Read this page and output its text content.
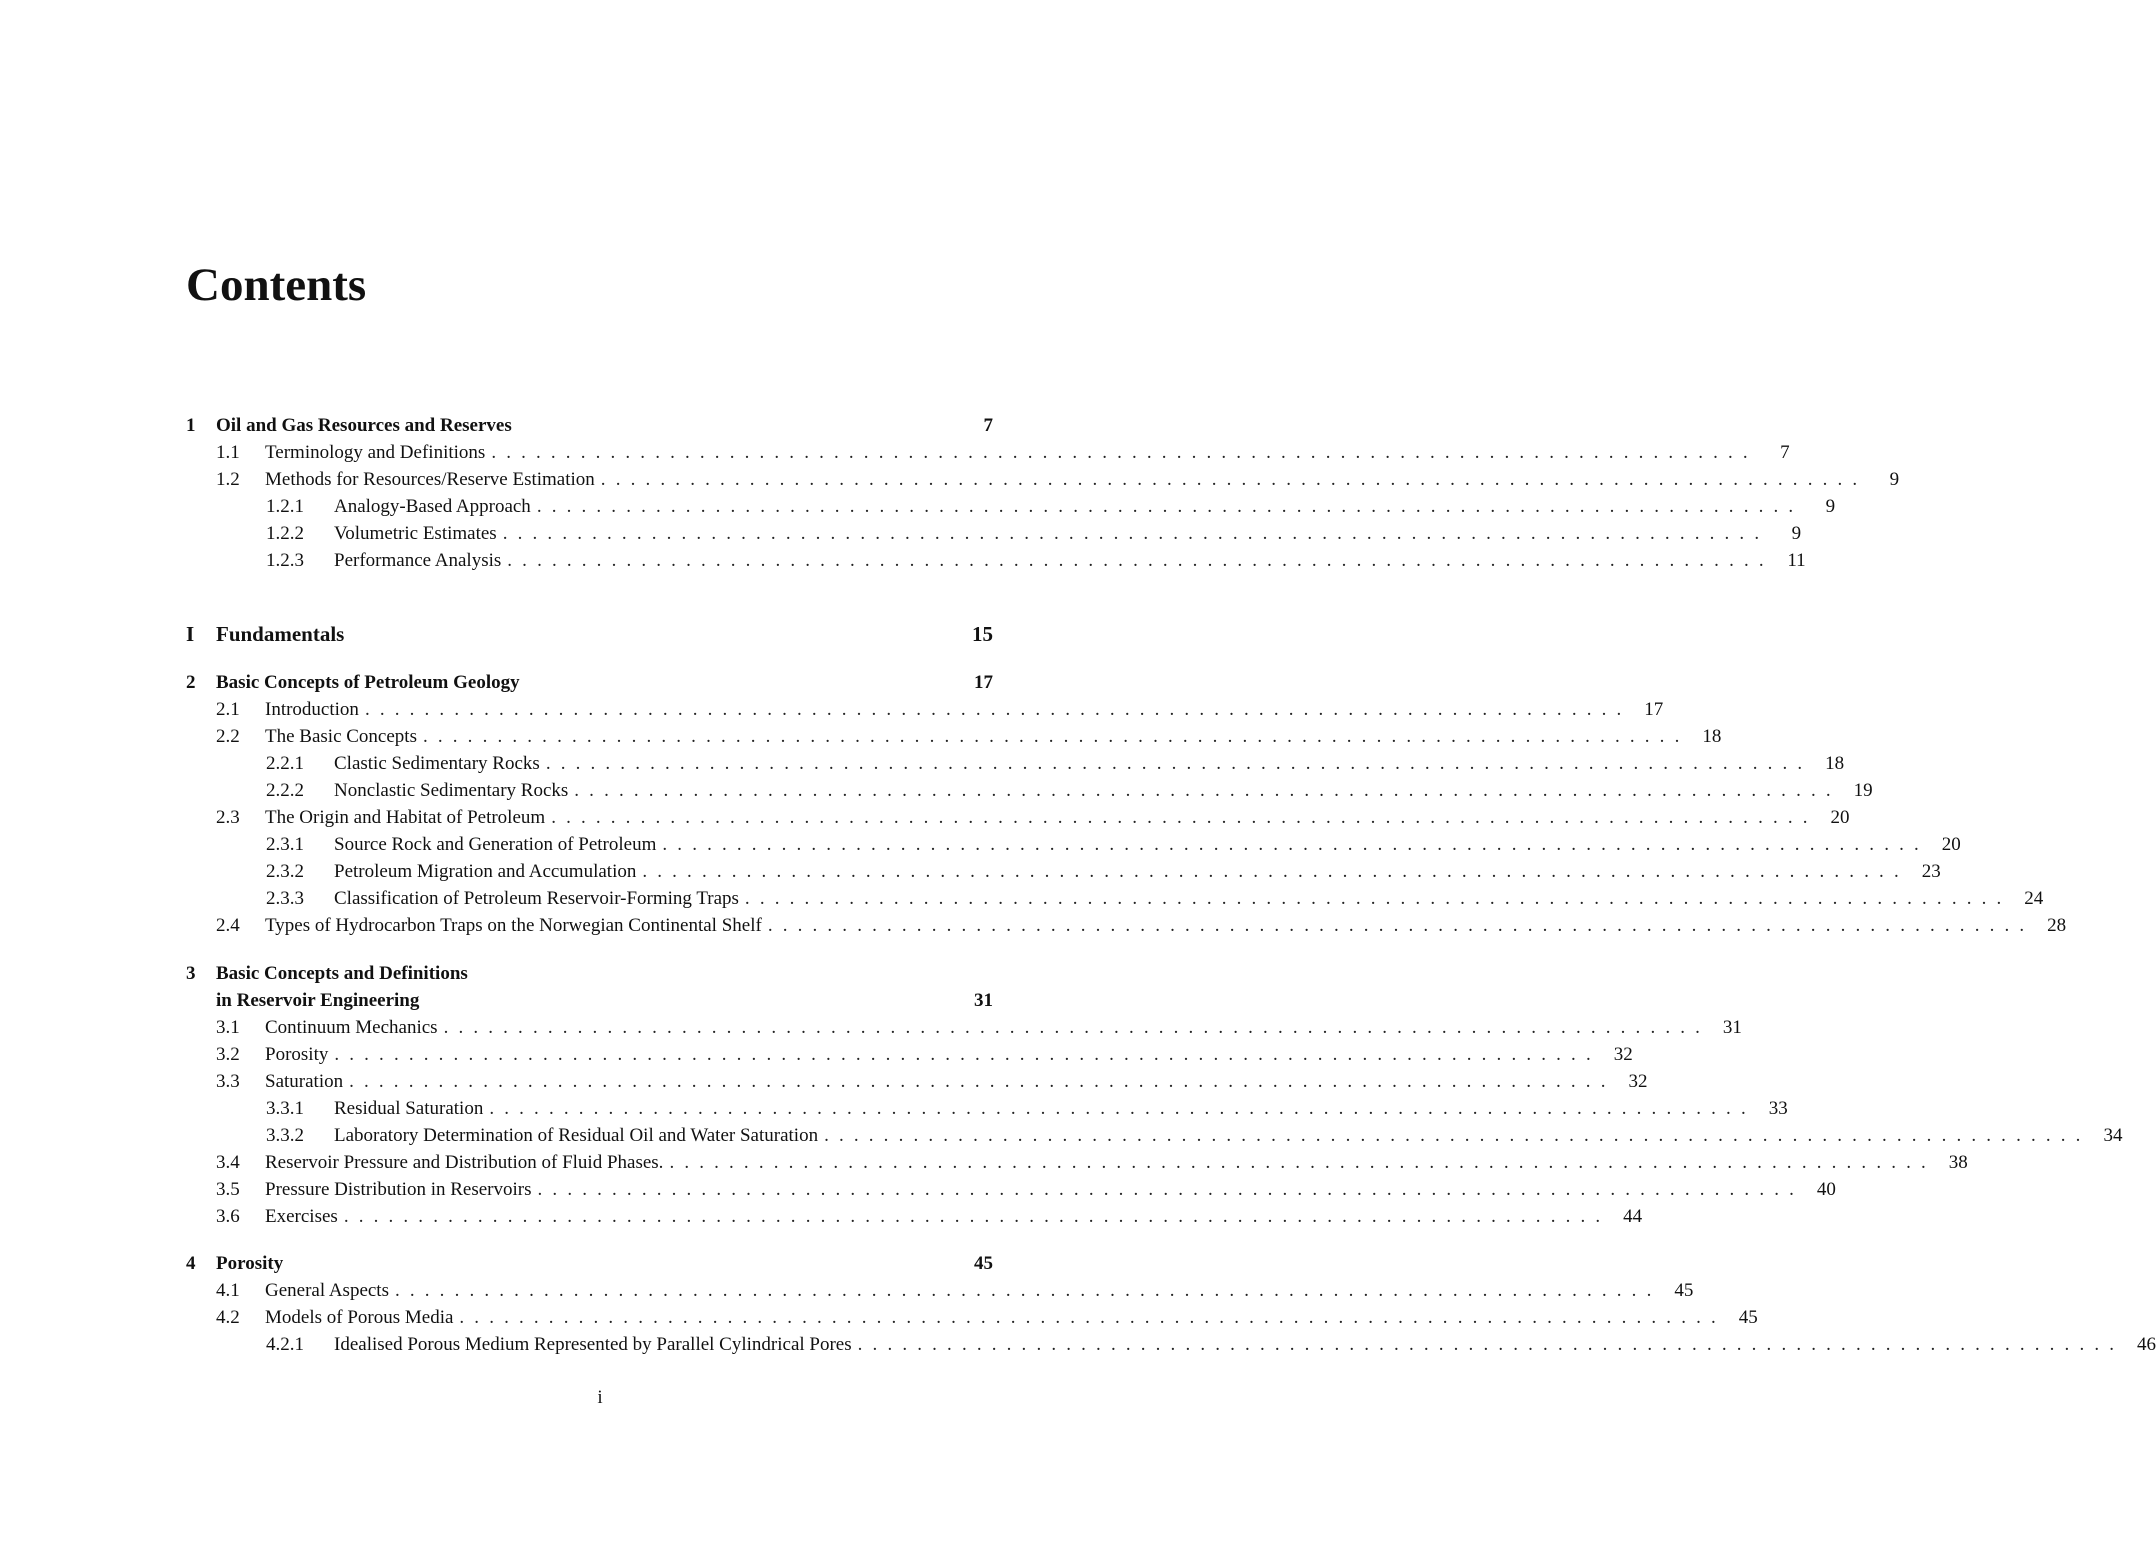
Contents
1	Oil and Gas Resources and Reserves	7
1.1	Terminology and Definitions . . .	7
1.2	Methods for Resources/Reserve Estimation . . .	9
1.2.1	Analogy-Based Approach . . .	9
1.2.2	Volumetric Estimates . . .	9
1.2.3	Performance Analysis . . .	11
I	Fundamentals	15
2	Basic Concepts of Petroleum Geology	17
2.1	Introduction . . .	17
2.2	The Basic Concepts . . .	18
2.2.1	Clastic Sedimentary Rocks . . .	18
2.2.2	Nonclastic Sedimentary Rocks . . .	19
2.3	The Origin and Habitat of Petroleum . . .	20
2.3.1	Source Rock and Generation of Petroleum . . .	20
2.3.2	Petroleum Migration and Accumulation . . .	23
2.3.3	Classification of Petroleum Reservoir-Forming Traps . . .	24
2.4	Types of Hydrocarbon Traps on the Norwegian Continental Shelf . . .	28
3	Basic Concepts and Definitions
in Reservoir Engineering	31
3.1	Continuum Mechanics . . .	31
3.2	Porosity . . .	32
3.3	Saturation . . .	32
3.3.1	Residual Saturation . . .	33
3.3.2	Laboratory Determination of Residual Oil and Water Saturation . . .	34
3.4	Reservoir Pressure and Distribution of Fluid Phases. . . .	38
3.5	Pressure Distribution in Reservoirs . . .	40
3.6	Exercises . . .	44
4	Porosity	45
4.1	General Aspects . . .	45
4.2	Models of Porous Media . . .	45
4.2.1	Idealised Porous Medium Represented by Parallel Cylindrical Pores . . .	46
i
